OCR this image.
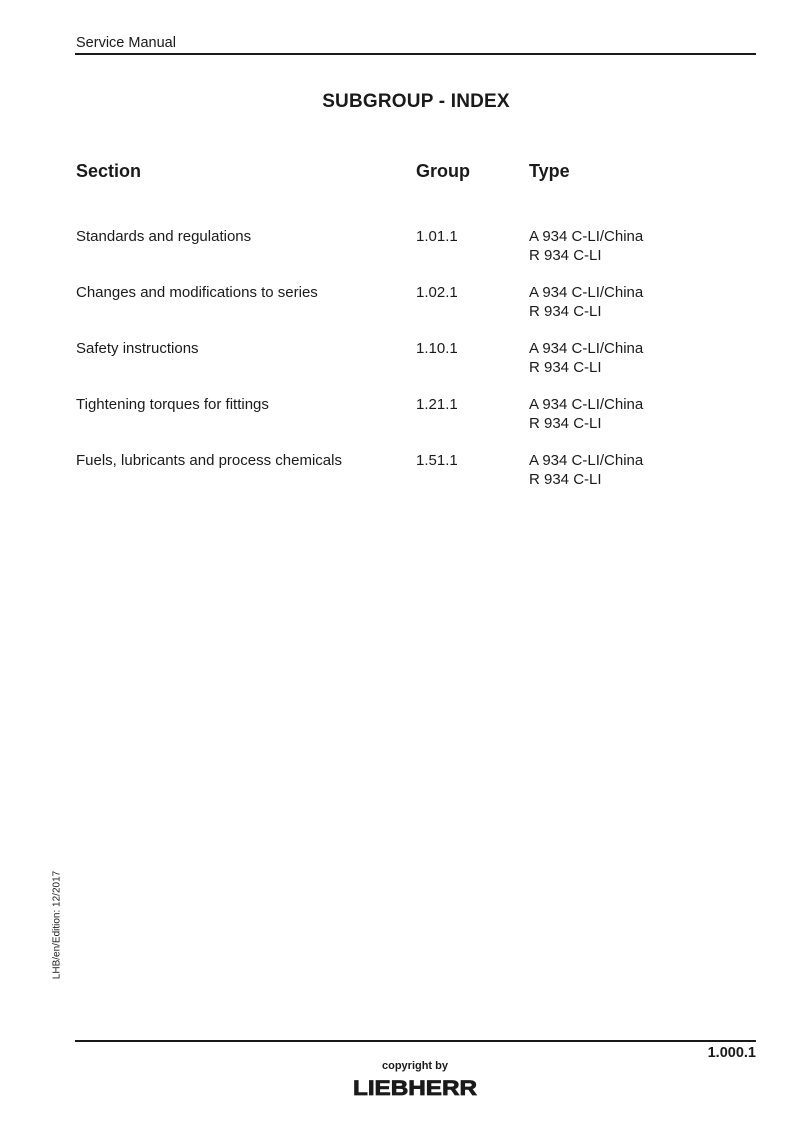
Service Manual
SUBGROUP - INDEX
Section	Group	Type
Standards and regulations	1.01.1	A 934 C-LI/China
R 934 C-LI
Changes and modifications to series	1.02.1	A 934 C-LI/China
R 934 C-LI
Safety instructions	1.10.1	A 934 C-LI/China
R 934 C-LI
Tightening torques for fittings	1.21.1	A 934 C-LI/China
R 934 C-LI
Fuels, lubricants and process chemicals	1.51.1	A 934 C-LI/China
R 934 C-LI
LHB/en/Edition: 12/2017
1.000.1
copyright by
LIEBHERR
